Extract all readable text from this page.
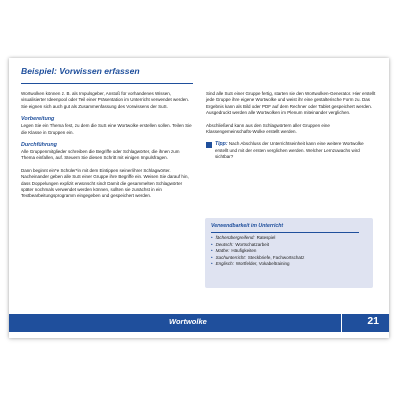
Beispiel: Vorwissen erfassen

Wortwolken können z. B. als Impulsgeber, Anstoß für vorhandenes Wissen, visualisierter Ideenpool oder Teil einer Präsentation im Unterricht verwendet werden. Sie eignen sich auch gut als Zusammenfassung des Vorwissens der SuS.

Vorbereitung

Legen Sie ein Thema fest, zu dem die SuS eine Wortwolke erstellen sollen. Teilen Sie die Klasse in Gruppen ein.

Durchführung

Alle Gruppenmitglieder schreiben die Begriffe oder Schlagwörter, die ihnen zum Thema einfallen, auf. Steuern Sie diesen Schritt mit einigen Impulsfragen.

Dann beginnt ein*e Schüler*in mit dem Eintippen seiner/ihrer Schlagwörter. Nacheinander geben alle SuS einer Gruppe ihre Begriffe ein. Weisen Sie darauf hin, dass Doppelungen explizit erwünscht sind! Damit die gesammelten Schlagwörter später nochmals verwendet werden können, sollten sie zunächst in ein Textbearbeitungsprogramm eingegeben und gespeichert werden.

Sind alle SuS einer Gruppe fertig, starten sie den Wortwolken-Generator. Hier erstellt jede Gruppe ihre eigene Wortwolke und weist ihr eine gestalterische Form zu. Das Ergebnis kann als Bild oder PDF auf dem Rechner oder Tablet gespeichert werden. Ausgedruckt werden alle Wortwolken im Plenum miteinander verglichen.

Abschließend kann aus den Schlagwörtern aller Gruppen eine Klassengemeinschafts-Wolke erstellt werden.

Tipp: Nach Abschluss der Unterrichtseinheit kann eine weitere Wortwolke erstellt und mit der ersten verglichen werden. Welcher Lernzuwachs wird sichtbar?
Verwendbarkeit im Unterricht
• fächerübergreifend: Ratespiel
• Deutsch: Wortschatzarbeit
• Mathe: Häufigkeiten
• Sachunterricht: Steckbriefe, Fachwortschatz
• Englisch: Wortfelder, Vokabeltraining
Wortwolke	21
